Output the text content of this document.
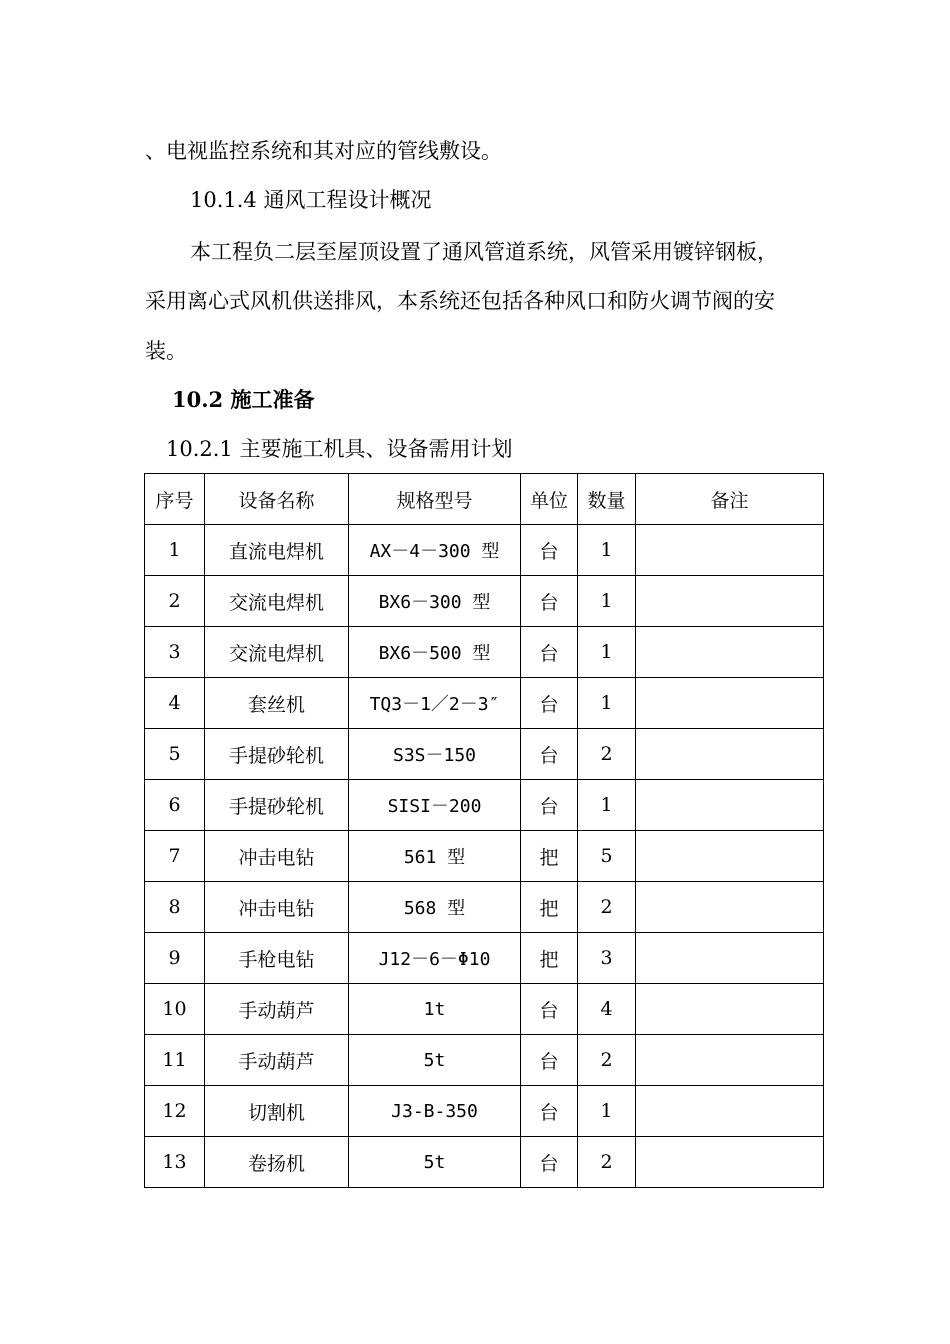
、电视监控系统和其对应的管线敷设。
10.1.4 通风工程设计概况
本工程负二层至屋顶设置了通风管道系统，风管采用镀锌钢板，
采用离心式风机供送排风，本系统还包括各种风口和防火调节阀的安
装。
10.2 施工准备
10.2.1 主要施工机具、设备需用计划
序号	设备名称	规格型号	单位	数量	备注
1	直流电焊机	AX－4－300 型	台	1	
2	交流电焊机	BX6－300 型	台	1	
3	交流电焊机	BX6－500 型	台	1	
4	套丝机	TQ3－1／2－3″	台	1	
5	手提砂轮机	S3S－150	台	2	
6	手提砂轮机	SISI－200	台	1	
7	冲击电钻	561 型	把	5	
8	冲击电钻	568 型	把	2	
9	手枪电钻	J12－6－Φ10	把	3	
10	手动葫芦	1t	台	4	
11	手动葫芦	5t	台	2	
12	切割机	J3-B-350	台	1	
13	卷扬机	5t	台	2	
